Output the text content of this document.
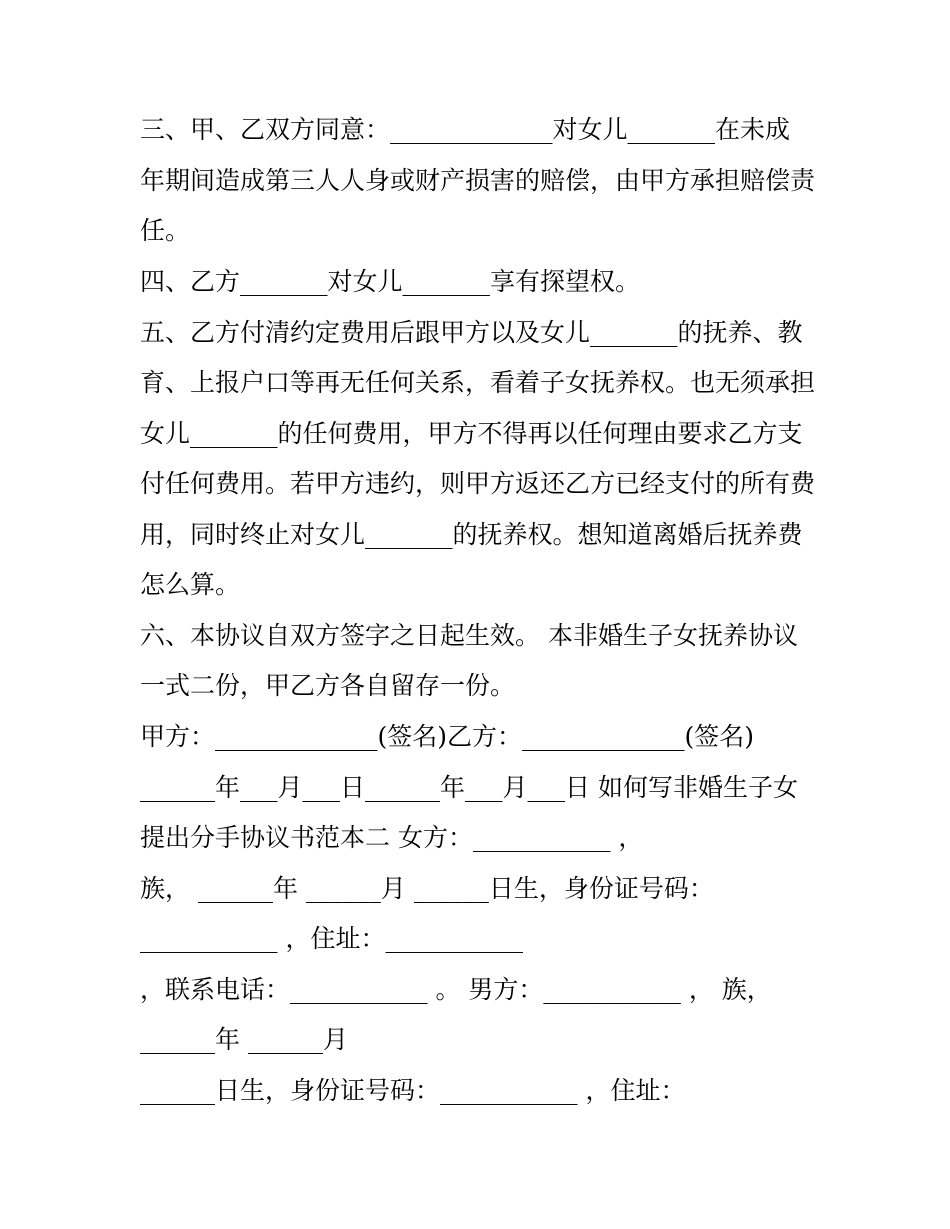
三、甲、乙双方同意：_____________对女儿_______在未成
年期间造成第三人人身或财产损害的赔偿，由甲方承担赔偿责
任。
四、乙方_______对女儿_______享有探望权。
五、乙方付清约定费用后跟甲方以及女儿_______的抚养、教
育、上报户口等再无任何关系，看着子女抚养权。也无须承担
女儿_______的任何费用，甲方不得再以任何理由要求乙方支
付任何费用。若甲方违约，则甲方返还乙方已经支付的所有费
用，同时终止对女儿_______的抚养权。想知道离婚后抚养费
怎么算。
六、本协议自双方签字之日起生效。 本非婚生子女抚养协议
一式二份，甲乙方各自留存一份。
甲方：_____________(签名)乙方：_____________(签名)
______年___月___日______年___月___日 如何写非婚生子女
提出分手协议书范本二 女方：___________ ，
族， ______年 ______月 ______日生，身份证号码：
___________ ，住址：___________
，联系电话：___________ 。 男方：___________ ， 族，
______年 ______月
______日生，身份证号码：___________ ，住址：
